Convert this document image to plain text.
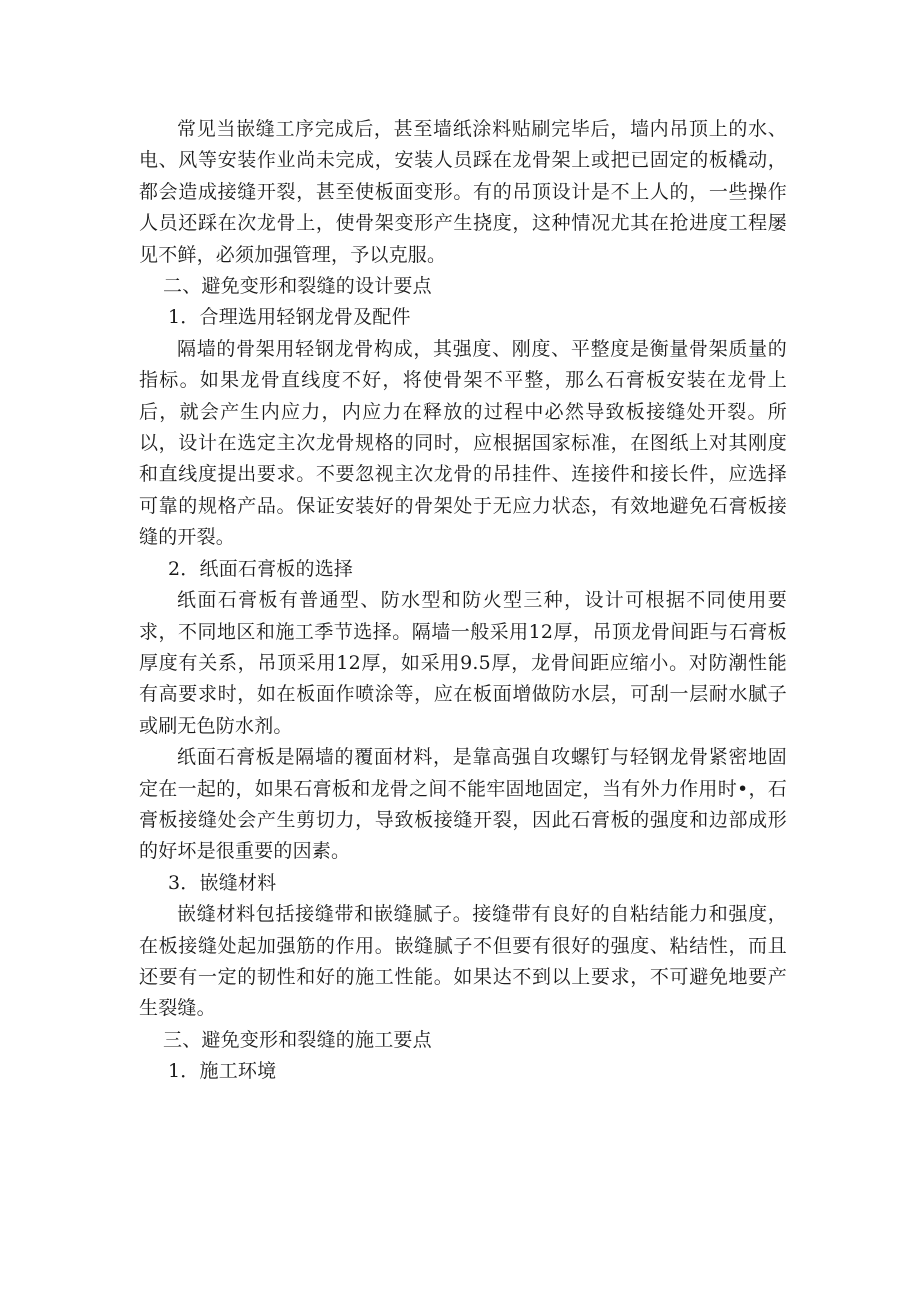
常见当嵌缝工序完成后，甚至墙纸涂料贴刷完毕后，墙内吊顶上的水、电、风等安装作业尚未完成，安装人员踩在龙骨架上或把已固定的板橇动，都会造成接缝开裂，甚至使板面变形。有的吊顶设计是不上人的，一些操作人员还踩在次龙骨上，使骨架变形产生挠度，这种情况尤其在抢进度工程屡见不鲜，必须加强管理，予以克服。

二、避免变形和裂缝的设计要点

1．合理选用轻钢龙骨及配件

隔墙的骨架用轻钢龙骨构成，其强度、刚度、平整度是衡量骨架质量的指标。如果龙骨直线度不好，将使骨架不平整，那么石膏板安装在龙骨上后，就会产生内应力，内应力在释放的过程中必然导致板接缝处开裂。所以，设计在选定主次龙骨规格的同时，应根据国家标准，在图纸上对其刚度和直线度提出要求。不要忽视主次龙骨的吊挂件、连接件和接长件，应选择可靠的规格产品。保证安装好的骨架处于无应力状态，有效地避免石膏板接缝的开裂。

2．纸面石膏板的选择

纸面石膏板有普通型、防水型和防火型三种，设计可根据不同使用要求，不同地区和施工季节选择。隔墙一般采用12厚，吊顶龙骨间距与石膏板厚度有关系，吊顶采用12厚，如采用9.5厚，龙骨间距应缩小。对防潮性能有高要求时，如在板面作喷涂等，应在板面增做防水层，可刮一层耐水腻子或刷无色防水剂。

纸面石膏板是隔墙的覆面材料，是靠高强自攻螺钉与轻钢龙骨紧密地固定在一起的，如果石膏板和龙骨之间不能牢固地固定，当有外力作用时•，石膏板接缝处会产生剪切力，导致板接缝开裂，因此石膏板的强度和边部成形的好坏是很重要的因素。

3．嵌缝材料

嵌缝材料包括接缝带和嵌缝腻子。接缝带有良好的自粘结能力和强度，在板接缝处起加强筋的作用。嵌缝腻子不但要有很好的强度、粘结性，而且还要有一定的韧性和好的施工性能。如果达不到以上要求，不可避免地要产生裂缝。

三、避免变形和裂缝的施工要点

1．施工环境
